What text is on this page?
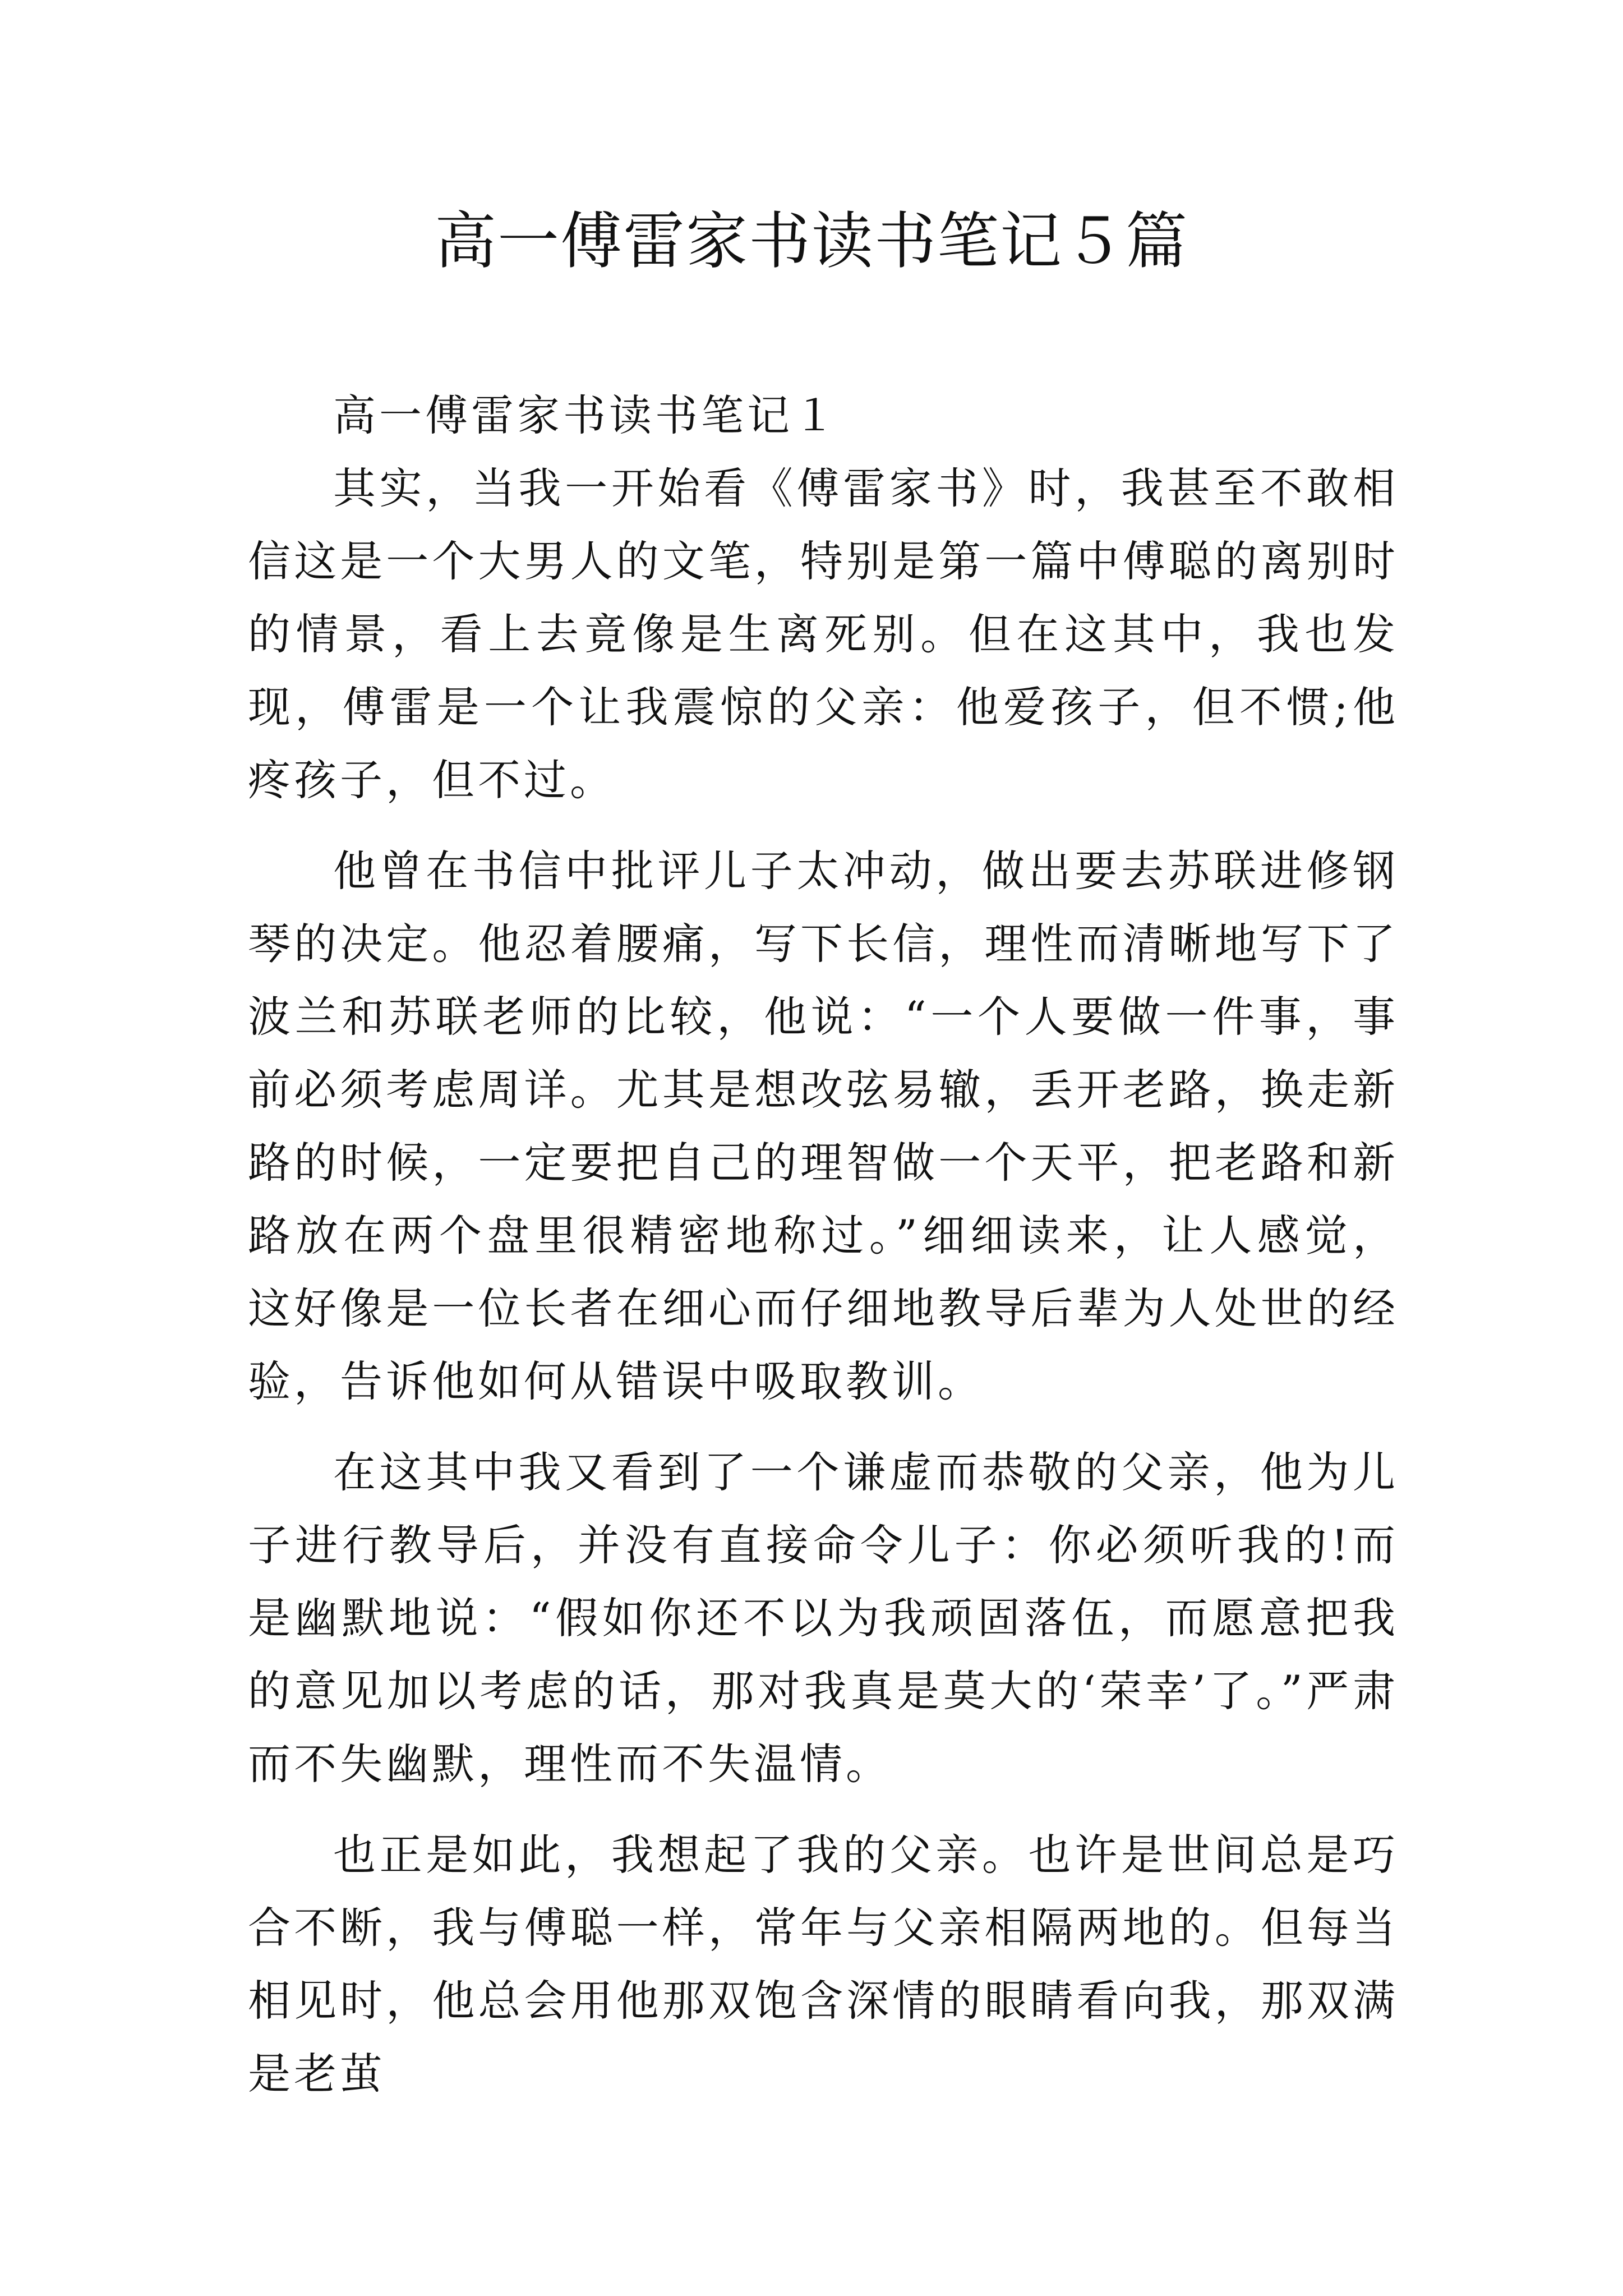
高一傅雷家书读书笔记５篇

高一傅雷家书读书笔记１

其实，当我一开始看《傅雷家书》时，我甚至不敢相信这是一个大男人的文笔，特别是第一篇中傅聪的离别时的情景，看上去竟像是生离死别。但在这其中，我也发现，傅雷是一个让我震惊的父亲：他爱孩子，但不惯;他疼孩子，但不过。

他曾在书信中批评儿子太冲动，做出要去苏联进修钢琴的决定。他忍着腰痛，写下长信，理性而清晰地写下了波兰和苏联老师的比较，他说：“一个人要做一件事，事前必须考虑周详。尤其是想改弦易辙，丢开老路，换走新路的时候，一定要把自己的理智做一个天平，把老路和新路放在两个盘里很精密地称过。”细细读来，让人感觉，这好像是一位长者在细心而仔细地教导后辈为人处世的经验，告诉他如何从错误中吸取教训。

在这其中我又看到了一个谦虚而恭敬的父亲，他为儿子进行教导后，并没有直接命令儿子：你必须听我的!而是幽默地说：“假如你还不以为我顽固落伍，而愿意把我的意见加以考虑的话，那对我真是莫大的‘荣幸’了。”严肃而不失幽默，理性而不失温情。

也正是如此，我想起了我的父亲。也许是世间总是巧合不断，我与傅聪一样，常年与父亲相隔两地的。但每当相见时，他总会用他那双饱含深情的眼睛看向我，那双满是老茧
